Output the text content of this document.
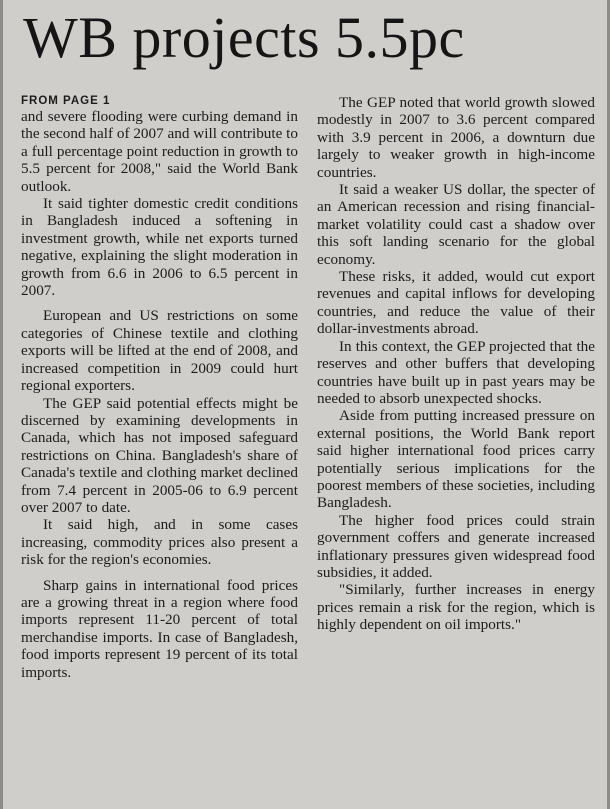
WB projects 5.5pc
FROM PAGE 1

and severe flooding were curbing demand in the second half of 2007 and will contribute to a full percentage point reduction in growth to 5.5 percent for 2008," said the World Bank outlook.

It said tighter domestic credit conditions in Bangladesh induced a softening in investment growth, while net exports turned negative, explaining the slight moderation in growth from 6.6 in 2006 to 6.5 percent in 2007.

European and US restrictions on some categories of Chinese textile and clothing exports will be lifted at the end of 2008, and increased competition in 2009 could hurt regional exporters.

The GEP said potential effects might be discerned by examining developments in Canada, which has not imposed safeguard restrictions on China. Bangladesh's share of Canada's textile and clothing market declined from 7.4 percent in 2005-06 to 6.9 percent over 2007 to date.

It said high, and in some cases increasing, commodity prices also present a risk for the region's economies.

Sharp gains in international food prices are a growing threat in a region where food imports represent 11-20 percent of total merchandise imports. In case of Bangladesh, food imports represent 19 percent of its total imports.

The GEP noted that world growth slowed modestly in 2007 to 3.6 percent compared with 3.9 percent in 2006, a downturn due largely to weaker growth in high-income countries.

It said a weaker US dollar, the specter of an American recession and rising financial-market volatility could cast a shadow over this soft landing scenario for the global economy.

These risks, it added, would cut export revenues and capital inflows for developing countries, and reduce the value of their dollar-investments abroad.

In this context, the GEP projected that the reserves and other buffers that developing countries have built up in past years may be needed to absorb unexpected shocks.

Aside from putting increased pressure on external positions, the World Bank report said higher international food prices carry potentially serious implications for the poorest members of these societies, including Bangladesh.

The higher food prices could strain government coffers and generate increased inflationary pressures given widespread food subsidies, it added.

"Similarly, further increases in energy prices remain a risk for the region, which is highly dependent on oil imports."
